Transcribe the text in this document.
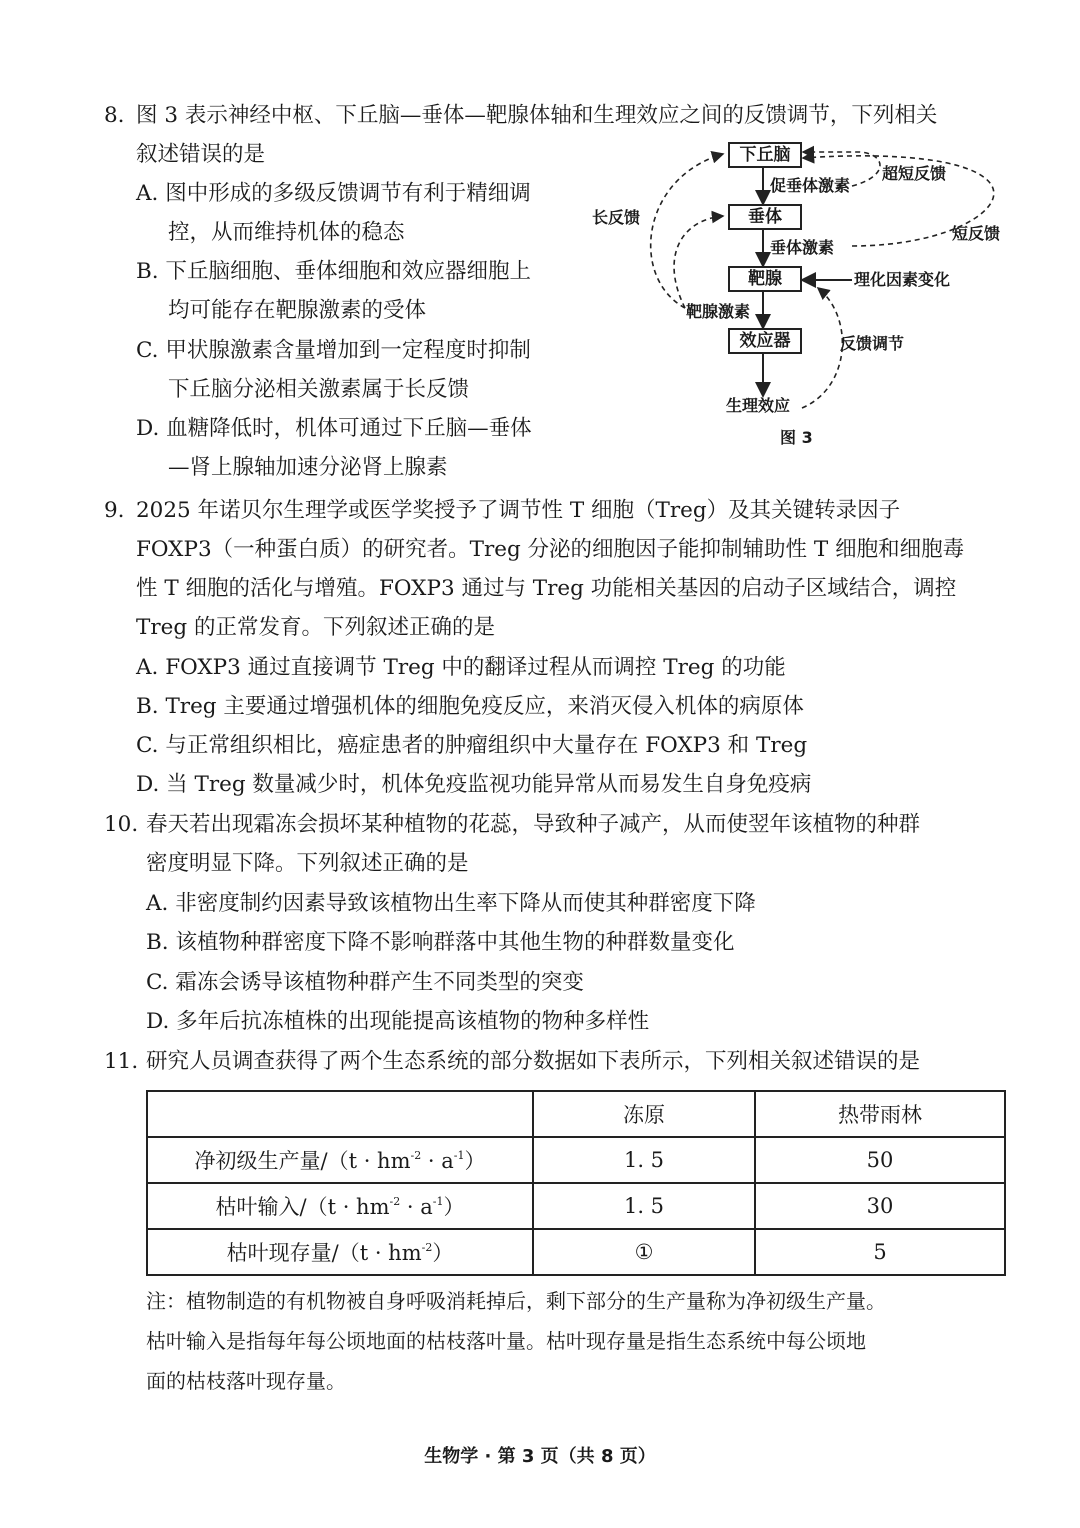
8. 图 3 表示神经中枢、下丘脑—垂体—靶腺体轴和生理效应之间的反馈调节，下列相关
叙述错误的是
A. 图中形成的多级反馈调节有利于精细调
控，从而维持机体的稳态
B. 下丘脑细胞、垂体细胞和效应器细胞上
均可能存在靶腺激素的受体
C. 甲状腺激素含量增加到一定程度时抑制
下丘脑分泌相关激素属于长反馈
D. 血糖降低时，机体可通过下丘脑—垂体
—肾上腺轴加速分泌肾上腺素
下丘脑
垂体
靶腺
效应器
促垂体激素
超短反馈
长反馈
短反馈
垂体激素
理化因素变化
靶腺激素
反馈调节
生理效应
图 3
9. 2025 年诺贝尔生理学或医学奖授予了调节性 T 细胞（Treg）及其关键转录因子
FOXP3（一种蛋白质）的研究者。Treg 分泌的细胞因子能抑制辅助性 T 细胞和细胞毒
性 T 细胞的活化与增殖。FOXP3 通过与 Treg 功能相关基因的启动子区域结合，调控
Treg 的正常发育。下列叙述正确的是
A. FOXP3 通过直接调节 Treg 中的翻译过程从而调控 Treg 的功能
B. Treg 主要通过增强机体的细胞免疫反应，来消灭侵入机体的病原体
C. 与正常组织相比，癌症患者的肿瘤组织中大量存在 FOXP3 和 Treg
D. 当 Treg 数量减少时，机体免疫监视功能异常从而易发生自身免疫病
10. 春天若出现霜冻会损坏某种植物的花蕊，导致种子减产，从而使翌年该植物的种群
密度明显下降。下列叙述正确的是
A. 非密度制约因素导致该植物出生率下降从而使其种群密度下降
B. 该植物种群密度下降不影响群落中其他生物的种群数量变化
C. 霜冻会诱导该植物种群产生不同类型的突变
D. 多年后抗冻植株的出现能提高该植物的物种多样性
11. 研究人员调查获得了两个生态系统的部分数据如下表所示，下列相关叙述错误的是
	冻原	热带雨林
净初级生产量$/(t \cdot hm^{-2} \cdot a^{-1})$	1. 5	50
枯叶输入$/(t \cdot hm^{-2} \cdot a^{-1})$	1. 5	30
枯叶现存量$/(t \cdot hm^{-2})$	①	5
注：植物制造的有机物被自身呼吸消耗掉后，剩下部分的生产量称为净初级生产量。
枯叶输入是指每年每公顷地面的枯枝落叶量。枯叶现存量是指生态系统中每公顷地
面的枯枝落叶现存量。
生物学 · 第 3 页（共 8 页）
